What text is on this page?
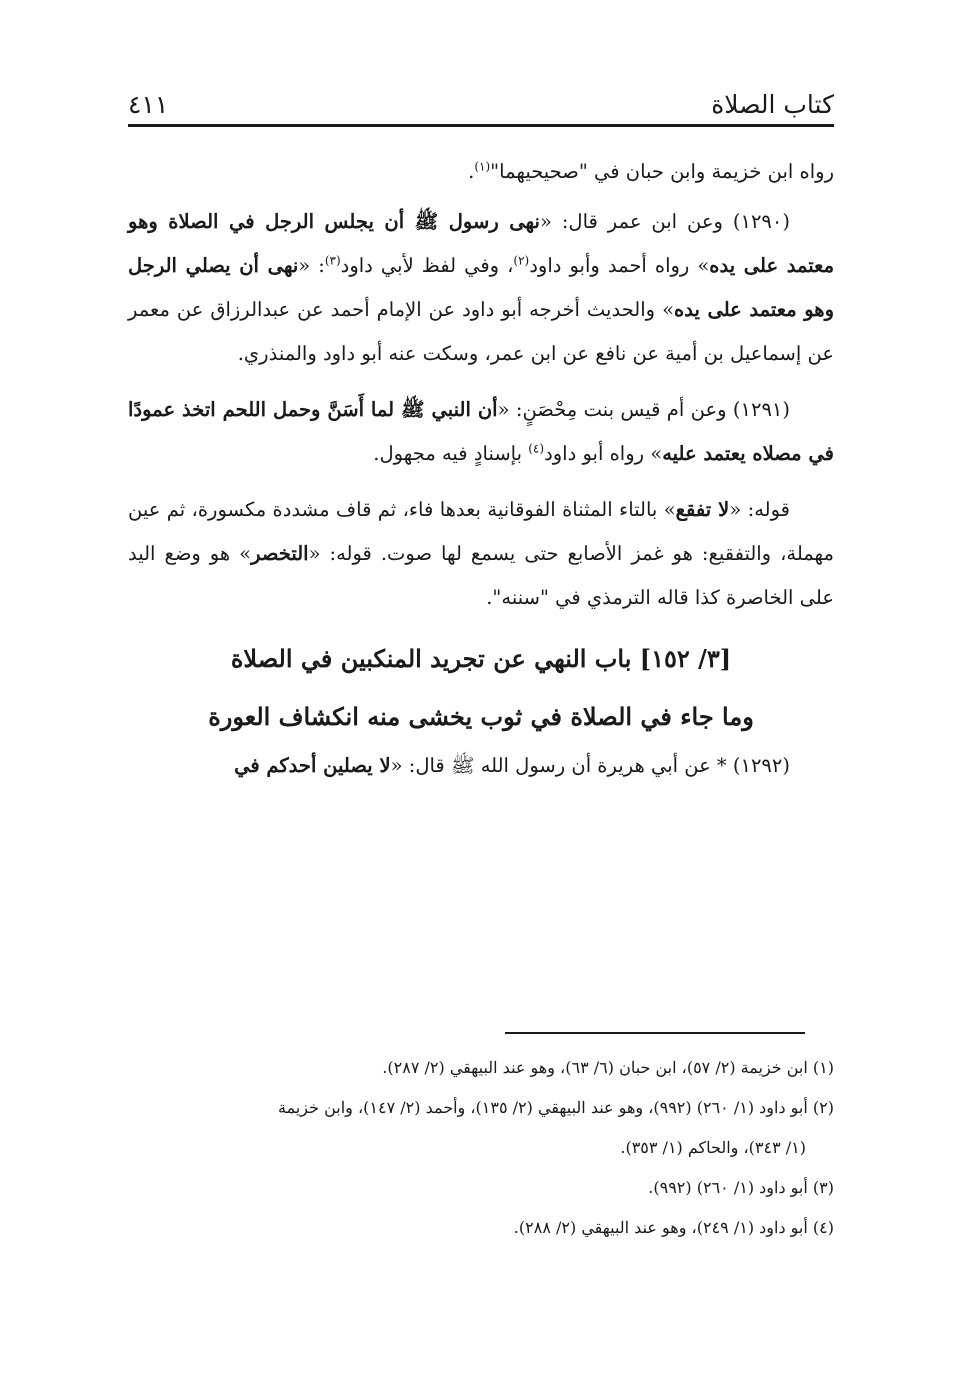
كتاب الصلاة
٤١١

رواه ابن خزيمة وابن حبان في "صحيحيهما"$^{(١)}$.

(١٢٩٠) وعن ابن عمر قال: «نهى رسول ﷺ أن يجلس الرجل في الصلاة وهو معتمد على يده» رواه أحمد وأبو داود$^{(٢)}$، وفي لفظ لأبي داود$^{(٣)}$: «نهى أن يصلي الرجل وهو معتمد على يده» والحديث أخرجه أبو داود عن الإمام أحمد عن عبدالرزاق عن معمر عن إسماعيل بن أمية عن نافع عن ابن عمر، وسكت عنه أبو داود والمنذري.

(١٢٩١) وعن أم قيس بنت مِحْصَنٍ: «أن النبي ﷺ لما أَسَنَّ وحمل اللحم اتخذ عمودًا في مصلاه يعتمد عليه» رواه أبو داود$^{(٤)}$ بإسنادٍ فيه مجهول.

قوله: «لا تفقع» بالتاء المثناة الفوقانية بعدها فاء، ثم قاف مشددة مكسورة، ثم عين مهملة، والتفقيع: هو غمز الأصابع حتى يسمع لها صوت. قوله: «التخصر» هو وضع اليد على الخاصرة كذا قاله الترمذي في "سننه".

[٣/ ١٥٢] باب النهي عن تجريد المنكبين في الصلاة
وما جاء في الصلاة في ثوب يخشى منه انكشاف العورة

(١٢٩٢) * عن أبي هريرة أن رسول الله ﷺ قال: «لا يصلين أحدكم في

(١) ابن خزيمة (٢/ ٥٧)، ابن حبان (٦/ ٦٣)، وهو عند البيهقي (٢/ ٢٨٧).

(٢) أبو داود (١/ ٢٦٠) (٩٩٢)، وهو عند البيهقي (٢/ ١٣٥)، وأحمد (٢/ ١٤٧)، وابن خزيمة

(١/ ٣٤٣)، والحاكم (١/ ٣٥٣).

(٣) أبو داود (١/ ٢٦٠) (٩٩٢).

(٤) أبو داود (١/ ٢٤٩)، وهو عند البيهقي (٢/ ٢٨٨).
